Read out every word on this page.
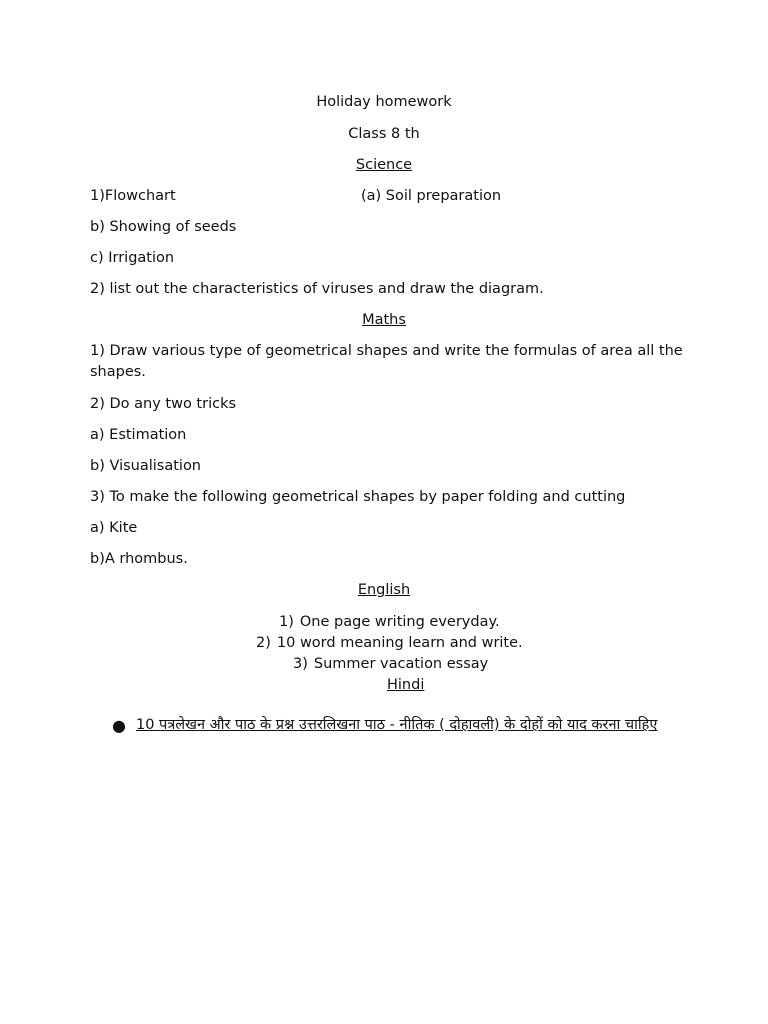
Holiday homework
Class 8 th
Science
1)Flowchart	(a) Soil preparation
b) Showing of seeds
c) Irrigation
2) list out the characteristics of viruses and draw the diagram.
Maths
1) Draw various type of geometrical shapes and write the formulas of area all the shapes.
2) Do any two tricks
a) Estimation
b) Visualisation
3) To make the following geometrical shapes by paper folding and cutting
a) Kite
b)A rhombus.
English
1) One page writing everyday.
2) 10 word meaning learn and write.
3) Summer vacation essay
Hindi
● 10 पत्रलेखन और पाठ के प्रश्न उत्तरलिखना पाठ - नीतिक ( दोहावली) के दोहों को याद करना चाहिए
